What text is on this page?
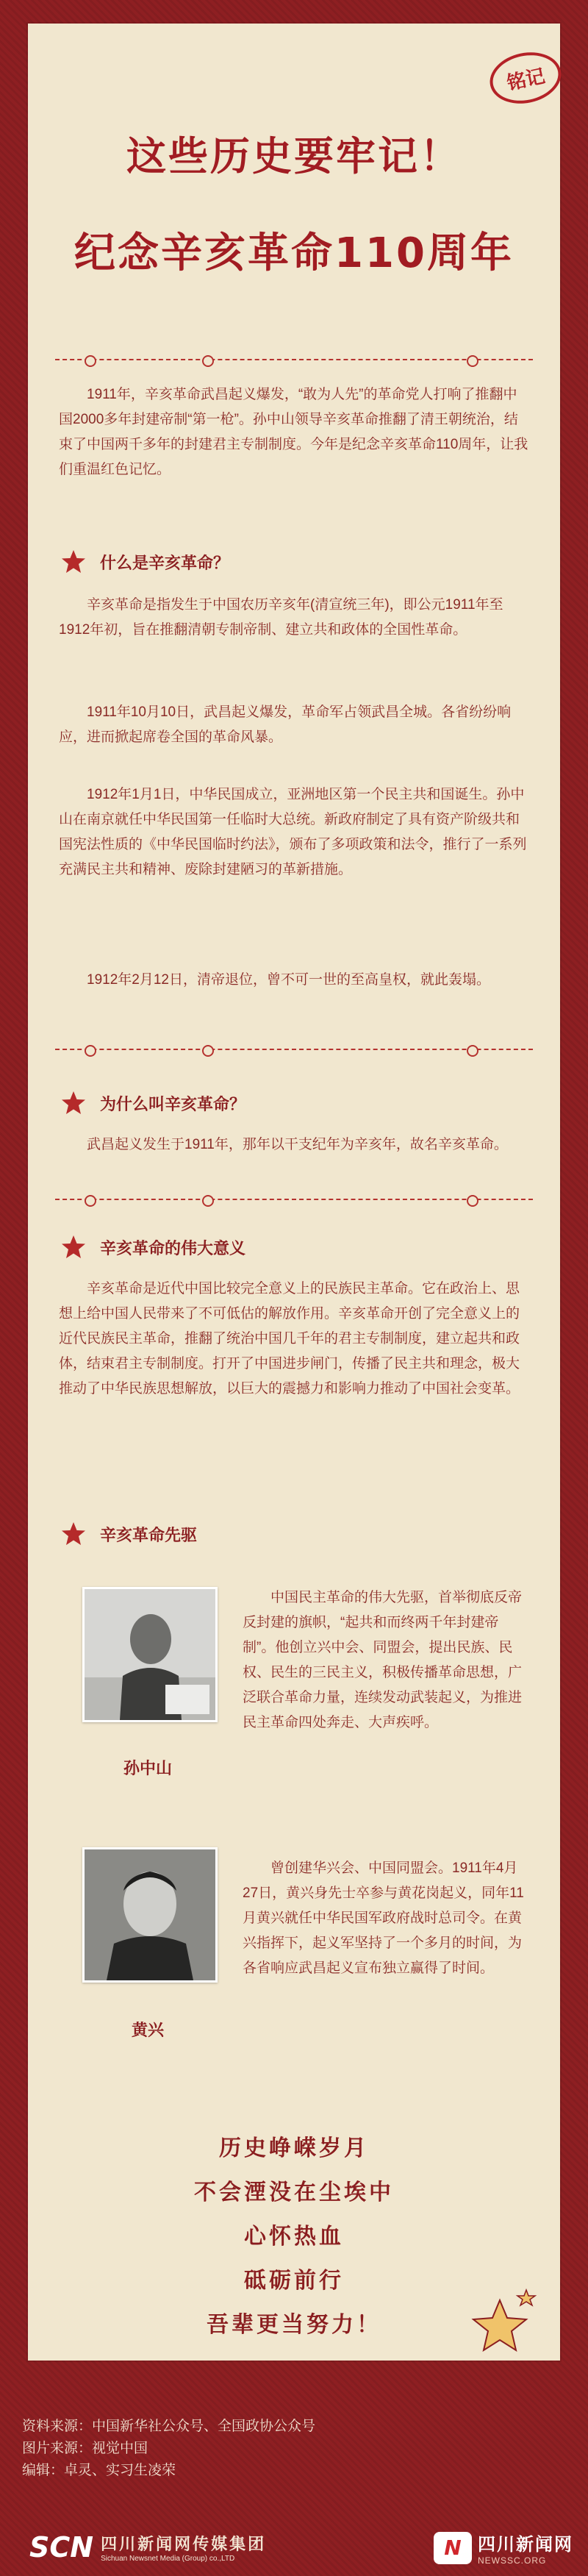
铭记
这些历史要牢记！
纪念辛亥革命110周年

1911年，辛亥革命武昌起义爆发，“敢为人先”的革命党人打响了推翻中国2000多年封建帝制“第一枪”。孙中山领导辛亥革命推翻了清王朝统治，结束了中国两千多年的封建君主专制制度。今年是纪念辛亥革命110周年，让我们重温红色记忆。

什么是辛亥革命？

辛亥革命是指发生于中国农历辛亥年(清宣统三年)，即公元1911年至1912年初，旨在推翻清朝专制帝制、建立共和政体的全国性革命。

1911年10月10日，武昌起义爆发，革命军占领武昌全城。各省纷纷响应，进而掀起席卷全国的革命风暴。

1912年1月1日，中华民国成立，亚洲地区第一个民主共和国诞生。孙中山在南京就任中华民国第一任临时大总统。新政府制定了具有资产阶级共和国宪法性质的《中华民国临时约法》，颁布了多项政策和法令，推行了一系列充满民主共和精神、废除封建陋习的革新措施。

1912年2月12日，清帝退位，曾不可一世的至高皇权，就此轰塌。

为什么叫辛亥革命？

武昌起义发生于1911年，那年以干支纪年为辛亥年，故名辛亥革命。

辛亥革命的伟大意义

辛亥革命是近代中国比较完全意义上的民族民主革命。它在政治上、思想上给中国人民带来了不可低估的解放作用。辛亥革命开创了完全意义上的近代民族民主革命，推翻了统治中国几千年的君主专制制度，建立起共和政体，结束君主专制制度。打开了中国进步闸门，传播了民主共和理念，极大推动了中华民族思想解放，以巨大的震撼力和影响力推动了中国社会变革。

辛亥革命先驱
孙中山

中国民主革命的伟大先驱，首举彻底反帝反封建的旗帜，“起共和而终两千年封建帝制”。他创立兴中会、同盟会，提出民族、民权、民生的三民主义，积极传播革命思想，广泛联合革命力量，连续发动武装起义，为推进民主革命四处奔走、大声疾呼。

黄兴

曾创建华兴会、中国同盟会。1911年4月27日，黄兴身先士卒参与黄花岗起义，同年11月黄兴就任中华民国军政府战时总司令。在黄兴指挥下，起义军坚持了一个多月的时间，为各省响应武昌起义宣布独立赢得了时间。

历史峥嵘岁月
不会湮没在尘埃中
心怀热血
砥砺前行
吾辈更当努力！
资料来源：中国新华社公众号、全国政协公众号
图片来源：视觉中国
编辑：卓灵、实习生凌荣
SCN 四川新闻网传媒集团
Sichuan Newsnet Media (Group) co.,LTD	N 四川新闻网
NEWSSC.ORG
